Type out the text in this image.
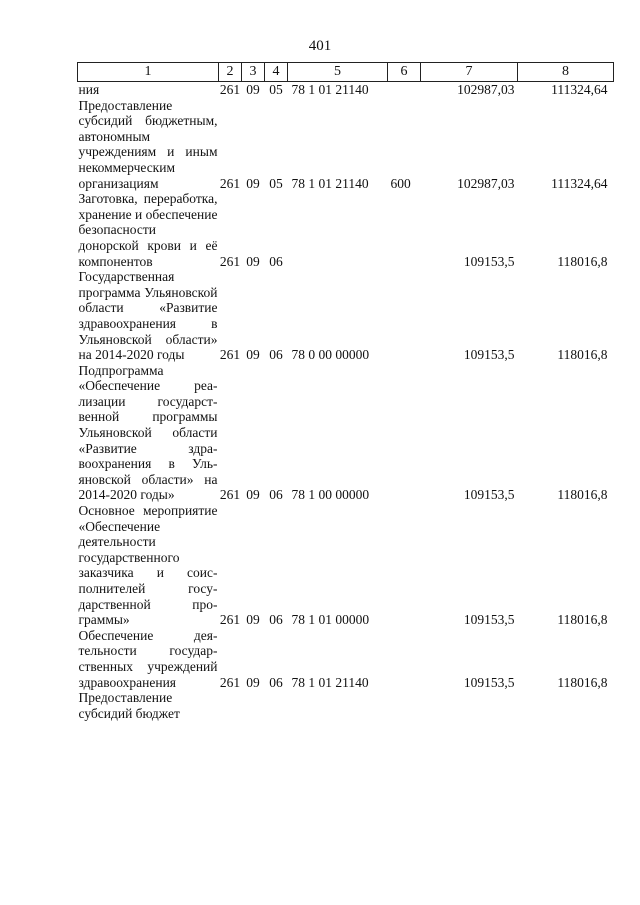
401
1	2	3	4	5	6	7	8
ния	261	09	05	78 1 01 21140		102987,03	111324,64
Предоставление субсидий бюджетным, автономным учреждениям и иным некоммерческим организациям	261	09	05	78 1 01 21140	600	102987,03	111324,64
Заготовка, переработка, хранение и обеспечение безопасности донорской крови и её компонентов	261	09	06			109153,5	118016,8
Государственная программа Ульяновской области «Развитие здравоохранения в Ульяновской области» на 2014-2020 годы	261	09	06	78 0 00 00000		109153,5	118016,8
Подпрограмма «Обеспечение реализации государственной программы Ульяновской области «Развитие здравоохранения в Ульяновской области» на 2014-2020 годы»	261	09	06	78 1 00 00000		109153,5	118016,8
Основное мероприятие «Обеспечение деятельности государственного заказчика и соисполнителей государственной программы»	261	09	06	78 1 01 00000		109153,5	118016,8
Обеспечение деятельности государственных учреждений здравоохранения	261	09	06	78 1 01 21140		109153,5	118016,8
Предоставление субсидий бюджет							
